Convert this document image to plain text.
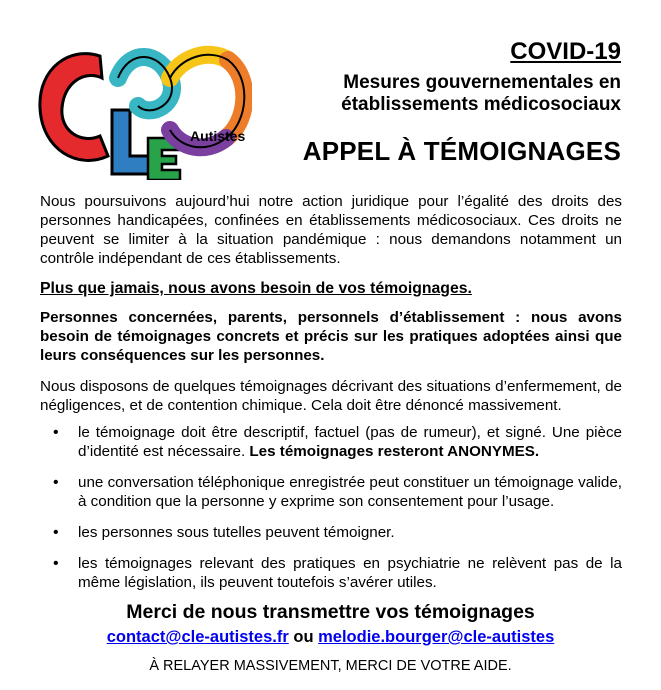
Autistes
COVID-19
Mesures gouvernementales en
établissements médicosociaux
APPEL À TÉMOIGNAGES
Nous poursuivons aujourd’hui notre action juridique pour l’égalité des droits des personnes handicapées, confinées en établissements médicosociaux. Ces droits ne peuvent se limiter à la situation pandémique : nous demandons notamment un contrôle indépendant de ces établissements.
Plus que jamais, nous avons besoin de vos témoignages.
Personnes concernées, parents, personnels d’établissement : nous avons besoin de témoignages concrets et précis sur les pratiques adoptées ainsi que leurs conséquences sur les personnes.
Nous disposons de quelques témoignages décrivant des situations d’enfermement, de négligences, et de contention chimique. Cela doit être dénoncé massivement.
• le témoignage doit être descriptif, factuel (pas de rumeur), et signé. Une pièce d’identité est nécessaire. Les témoignages resteront ANONYMES.
• une conversation téléphonique enregistrée peut constituer un témoignage valide, à condition que la personne y exprime son consentement pour l’usage.
• les personnes sous tutelles peuvent témoigner.
• les témoignages relevant des pratiques en psychiatrie ne relèvent pas de la même législation, ils peuvent toutefois s’avérer utiles.
Merci de nous transmettre vos témoignages
contact@cle-autistes.fr ou melodie.bourger@cle-autistes
À RELAYER MASSIVEMENT, MERCI DE VOTRE AIDE.
